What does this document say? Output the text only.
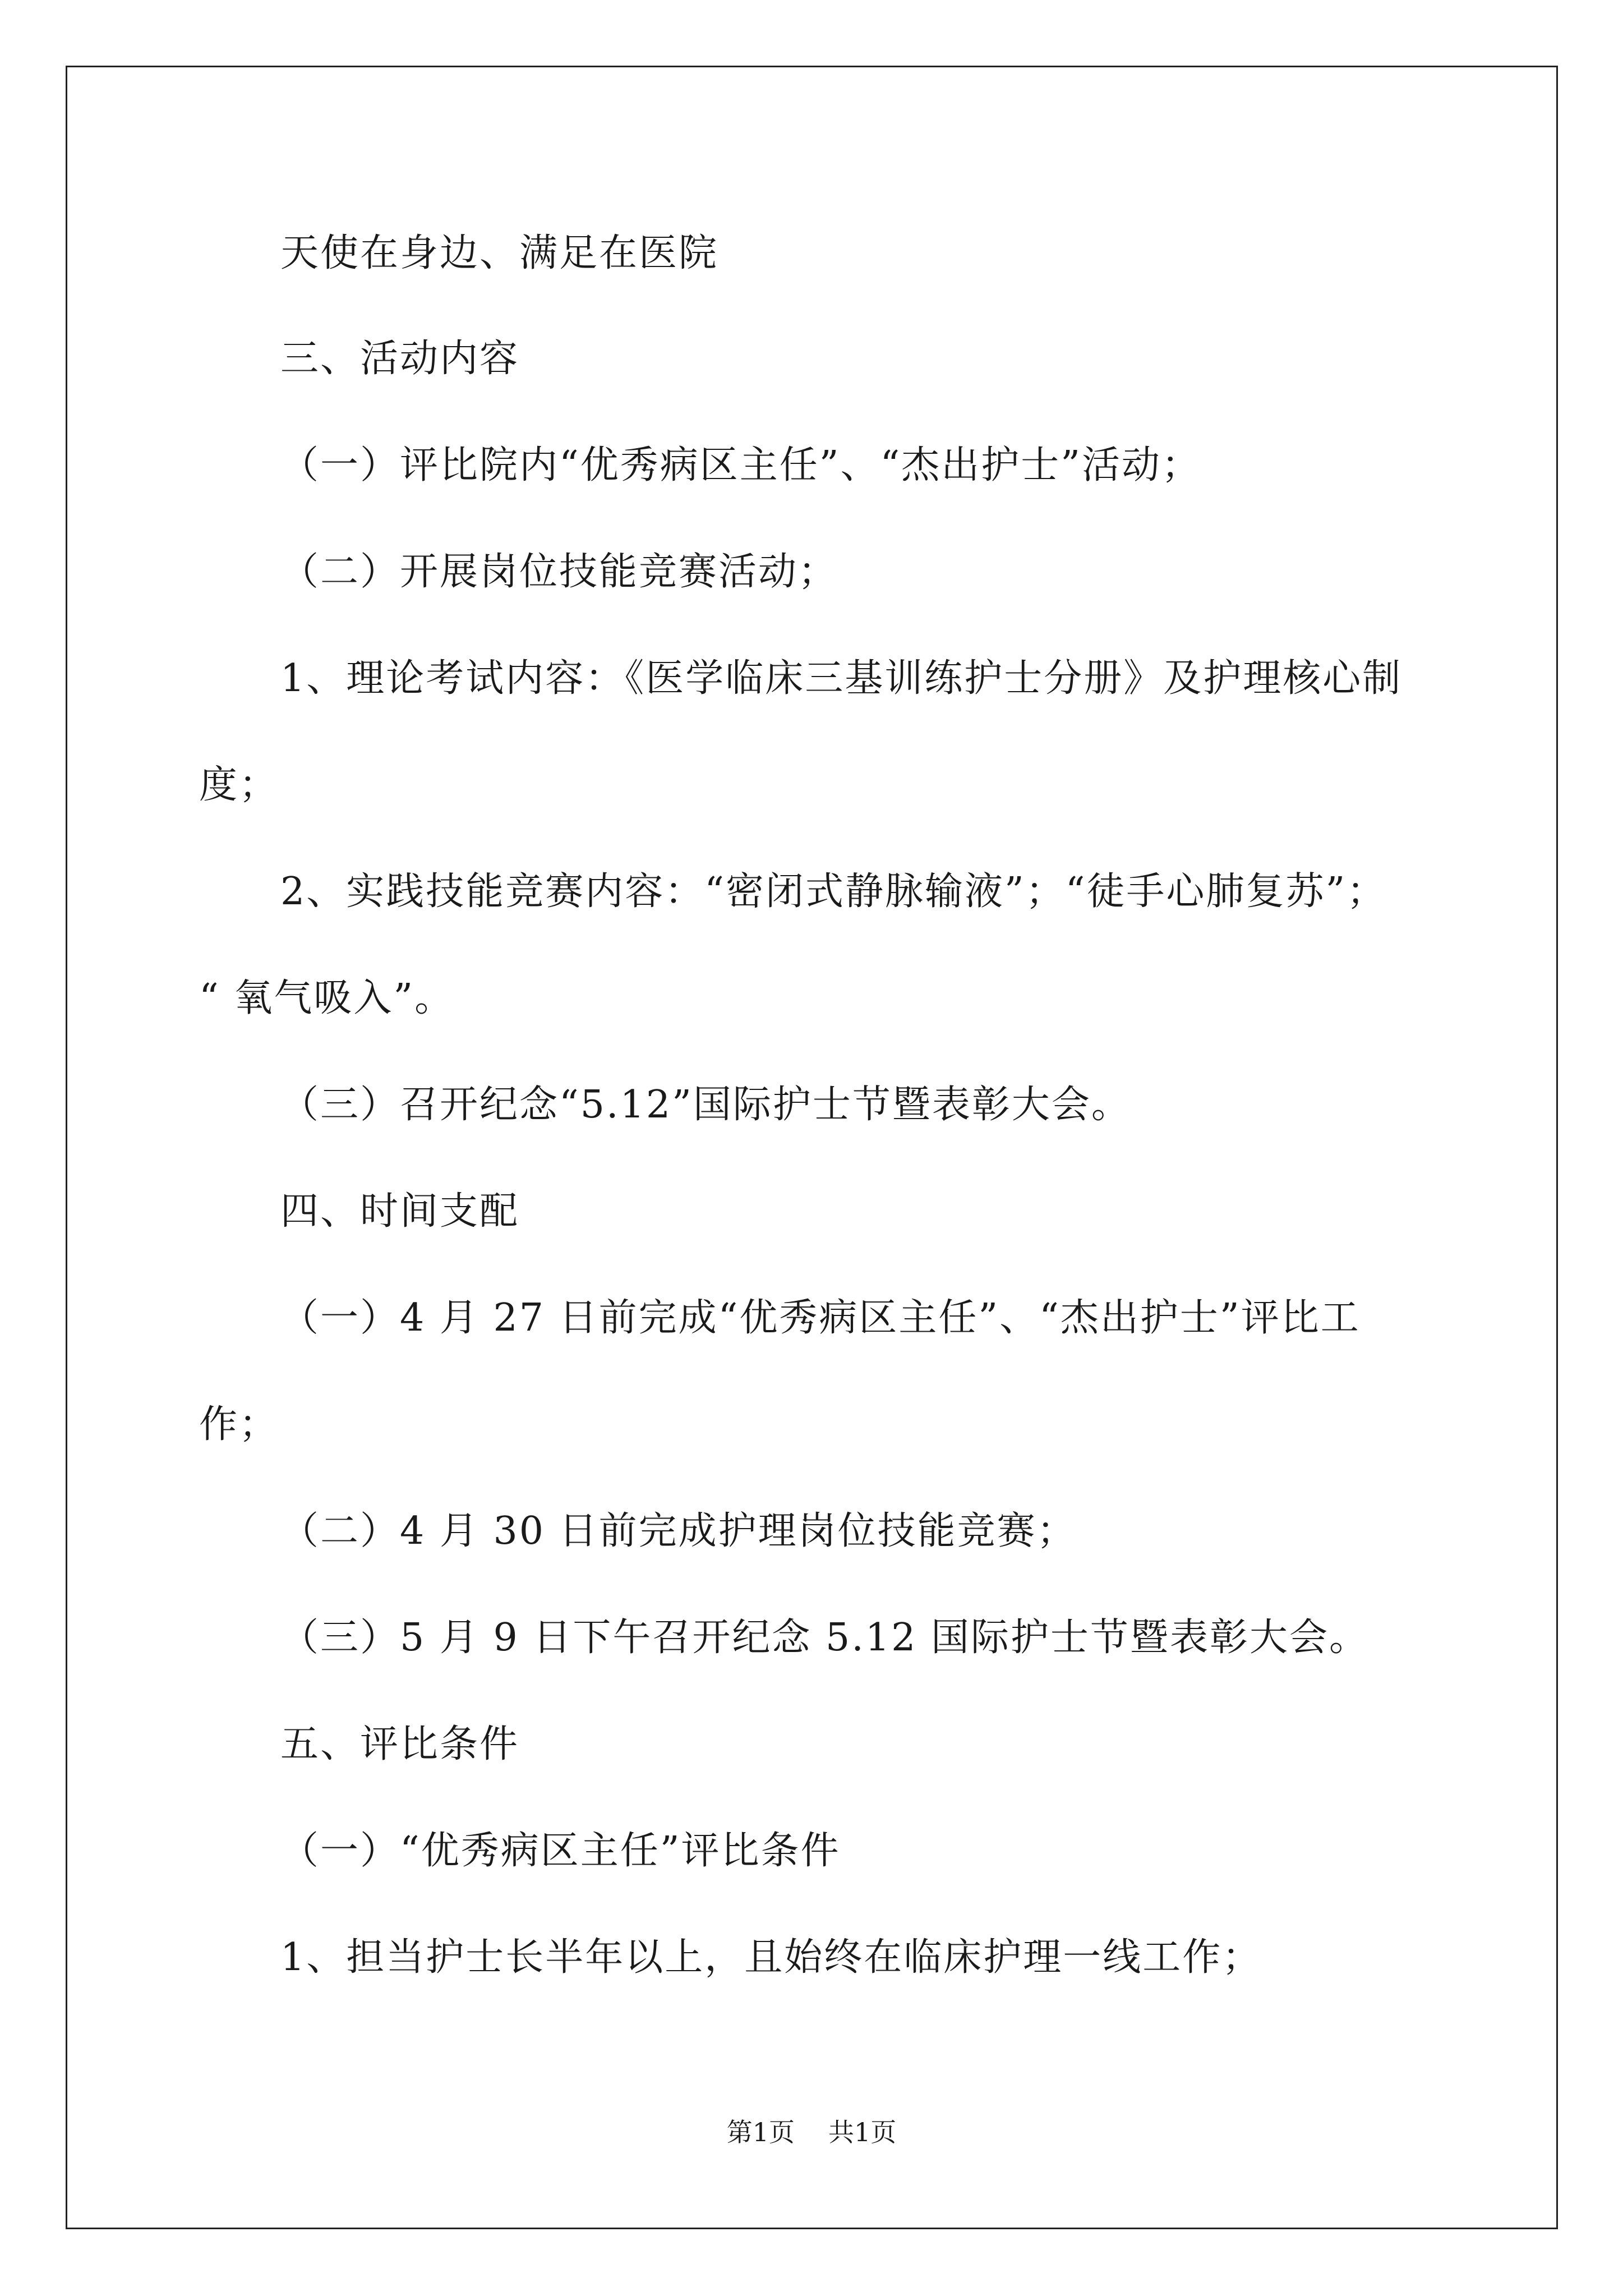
天使在身边、满足在医院
三、活动内容
（一）评比院内“优秀病区主任”、“杰出护士”活动；
（二）开展岗位技能竞赛活动；
1、理论考试内容：《医学临床三基训练护士分册》及护理核心制
度；
2、实践技能竞赛内容：“密闭式静脉输液”；“徒手心肺复苏”；
“ 氧气吸入”。
（三）召开纪念“5.12”国际护士节暨表彰大会。
四、时间支配
（一）4 月 27 日前完成“优秀病区主任”、“杰出护士”评比工
作；
（二）4 月 30 日前完成护理岗位技能竞赛；
（三）5 月 9 日下午召开纪念 5.12 国际护士节暨表彰大会。
五、评比条件
（一）“优秀病区主任”评比条件
1、担当护士长半年以上，且始终在临床护理一线工作；
第1页 共1页
